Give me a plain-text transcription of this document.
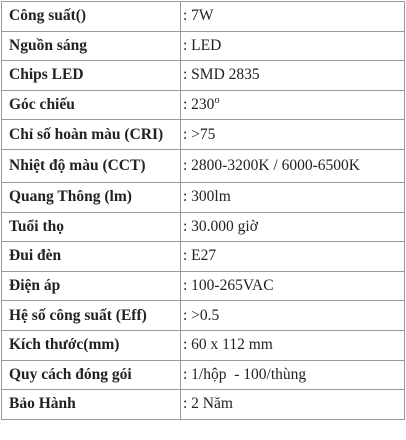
Công suất()	: 7W
Nguồn sáng	: LED
Chips LED	: SMD 2835
Góc chiếu	: 230$^o$
Chỉ số hoàn màu (CRI)	: >75
Nhiệt độ màu (CCT)	: 2800-3200K / 6000-6500K
Quang Thông (lm)	: 300lm
Tuổi thọ	: 30.000 giờ
Đui đèn	: E27
Điện áp	: 100-265VAC
Hệ số công suất (Eff)	: >0.5
Kích thước(mm)	: 60 x 112 mm
Quy cách đóng gói	: 1/hộp  - 100/thùng
Bảo Hành	: 2 Năm
